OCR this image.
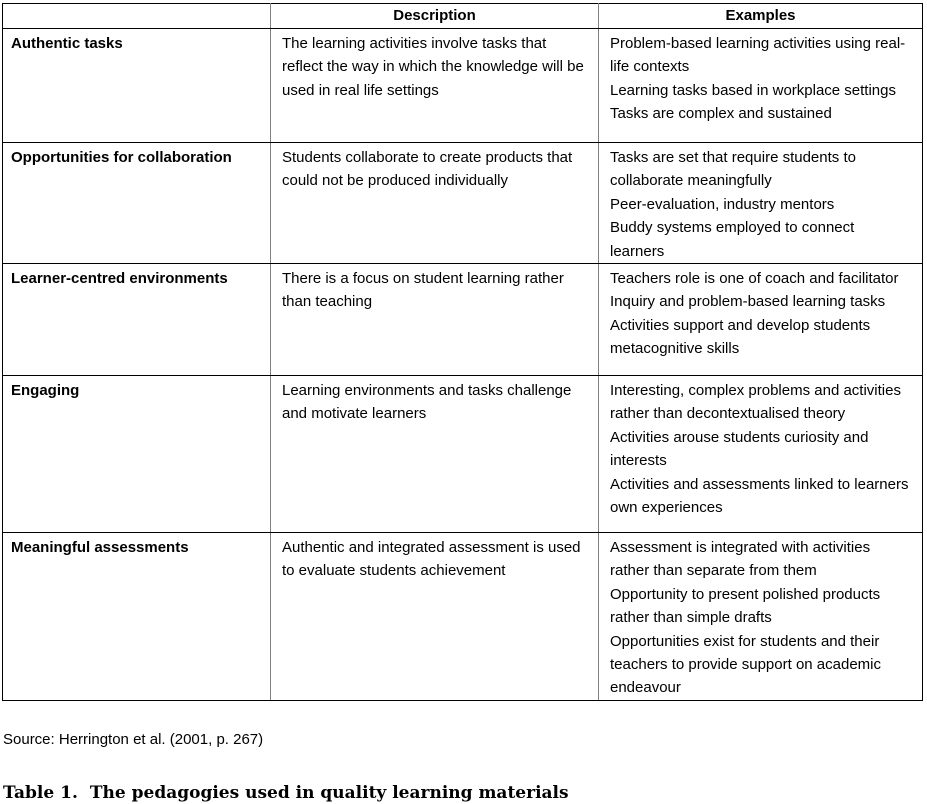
	Description	Examples
Authentic tasks	The learning activities involve tasks that reflect the way in which the knowledge will be used in real life settings	Problem-based learning activities using real-life contexts
Learning tasks based in workplace settings
Tasks are complex and sustained

Opportunities for collaboration	Students collaborate to create products that could not be produced individually	Tasks are set that require students to collaborate meaningfully
Peer-evaluation, industry mentors
Buddy systems employed to connect learners

Learner-centred environments	There is a focus on student learning rather than teaching	Teachers role is one of coach and facilitator
Inquiry and problem-based learning tasks
Activities support and develop students metacognitive skills

Engaging	Learning environments and tasks challenge and motivate learners	Interesting, complex problems and activities rather than decontextualised theory
Activities arouse students curiosity and interests
Activities and assessments linked to learners own experiences

Meaningful assessments	Authentic and integrated assessment is used to evaluate students achievement	Assessment is integrated with activities rather than separate from them
Opportunity to present polished products rather than simple drafts
Opportunities exist for students and their teachers to provide support on academic endeavour
Source: Herrington et al. (2001, p. 267)
Table 1. The pedagogies used in quality learning materials
